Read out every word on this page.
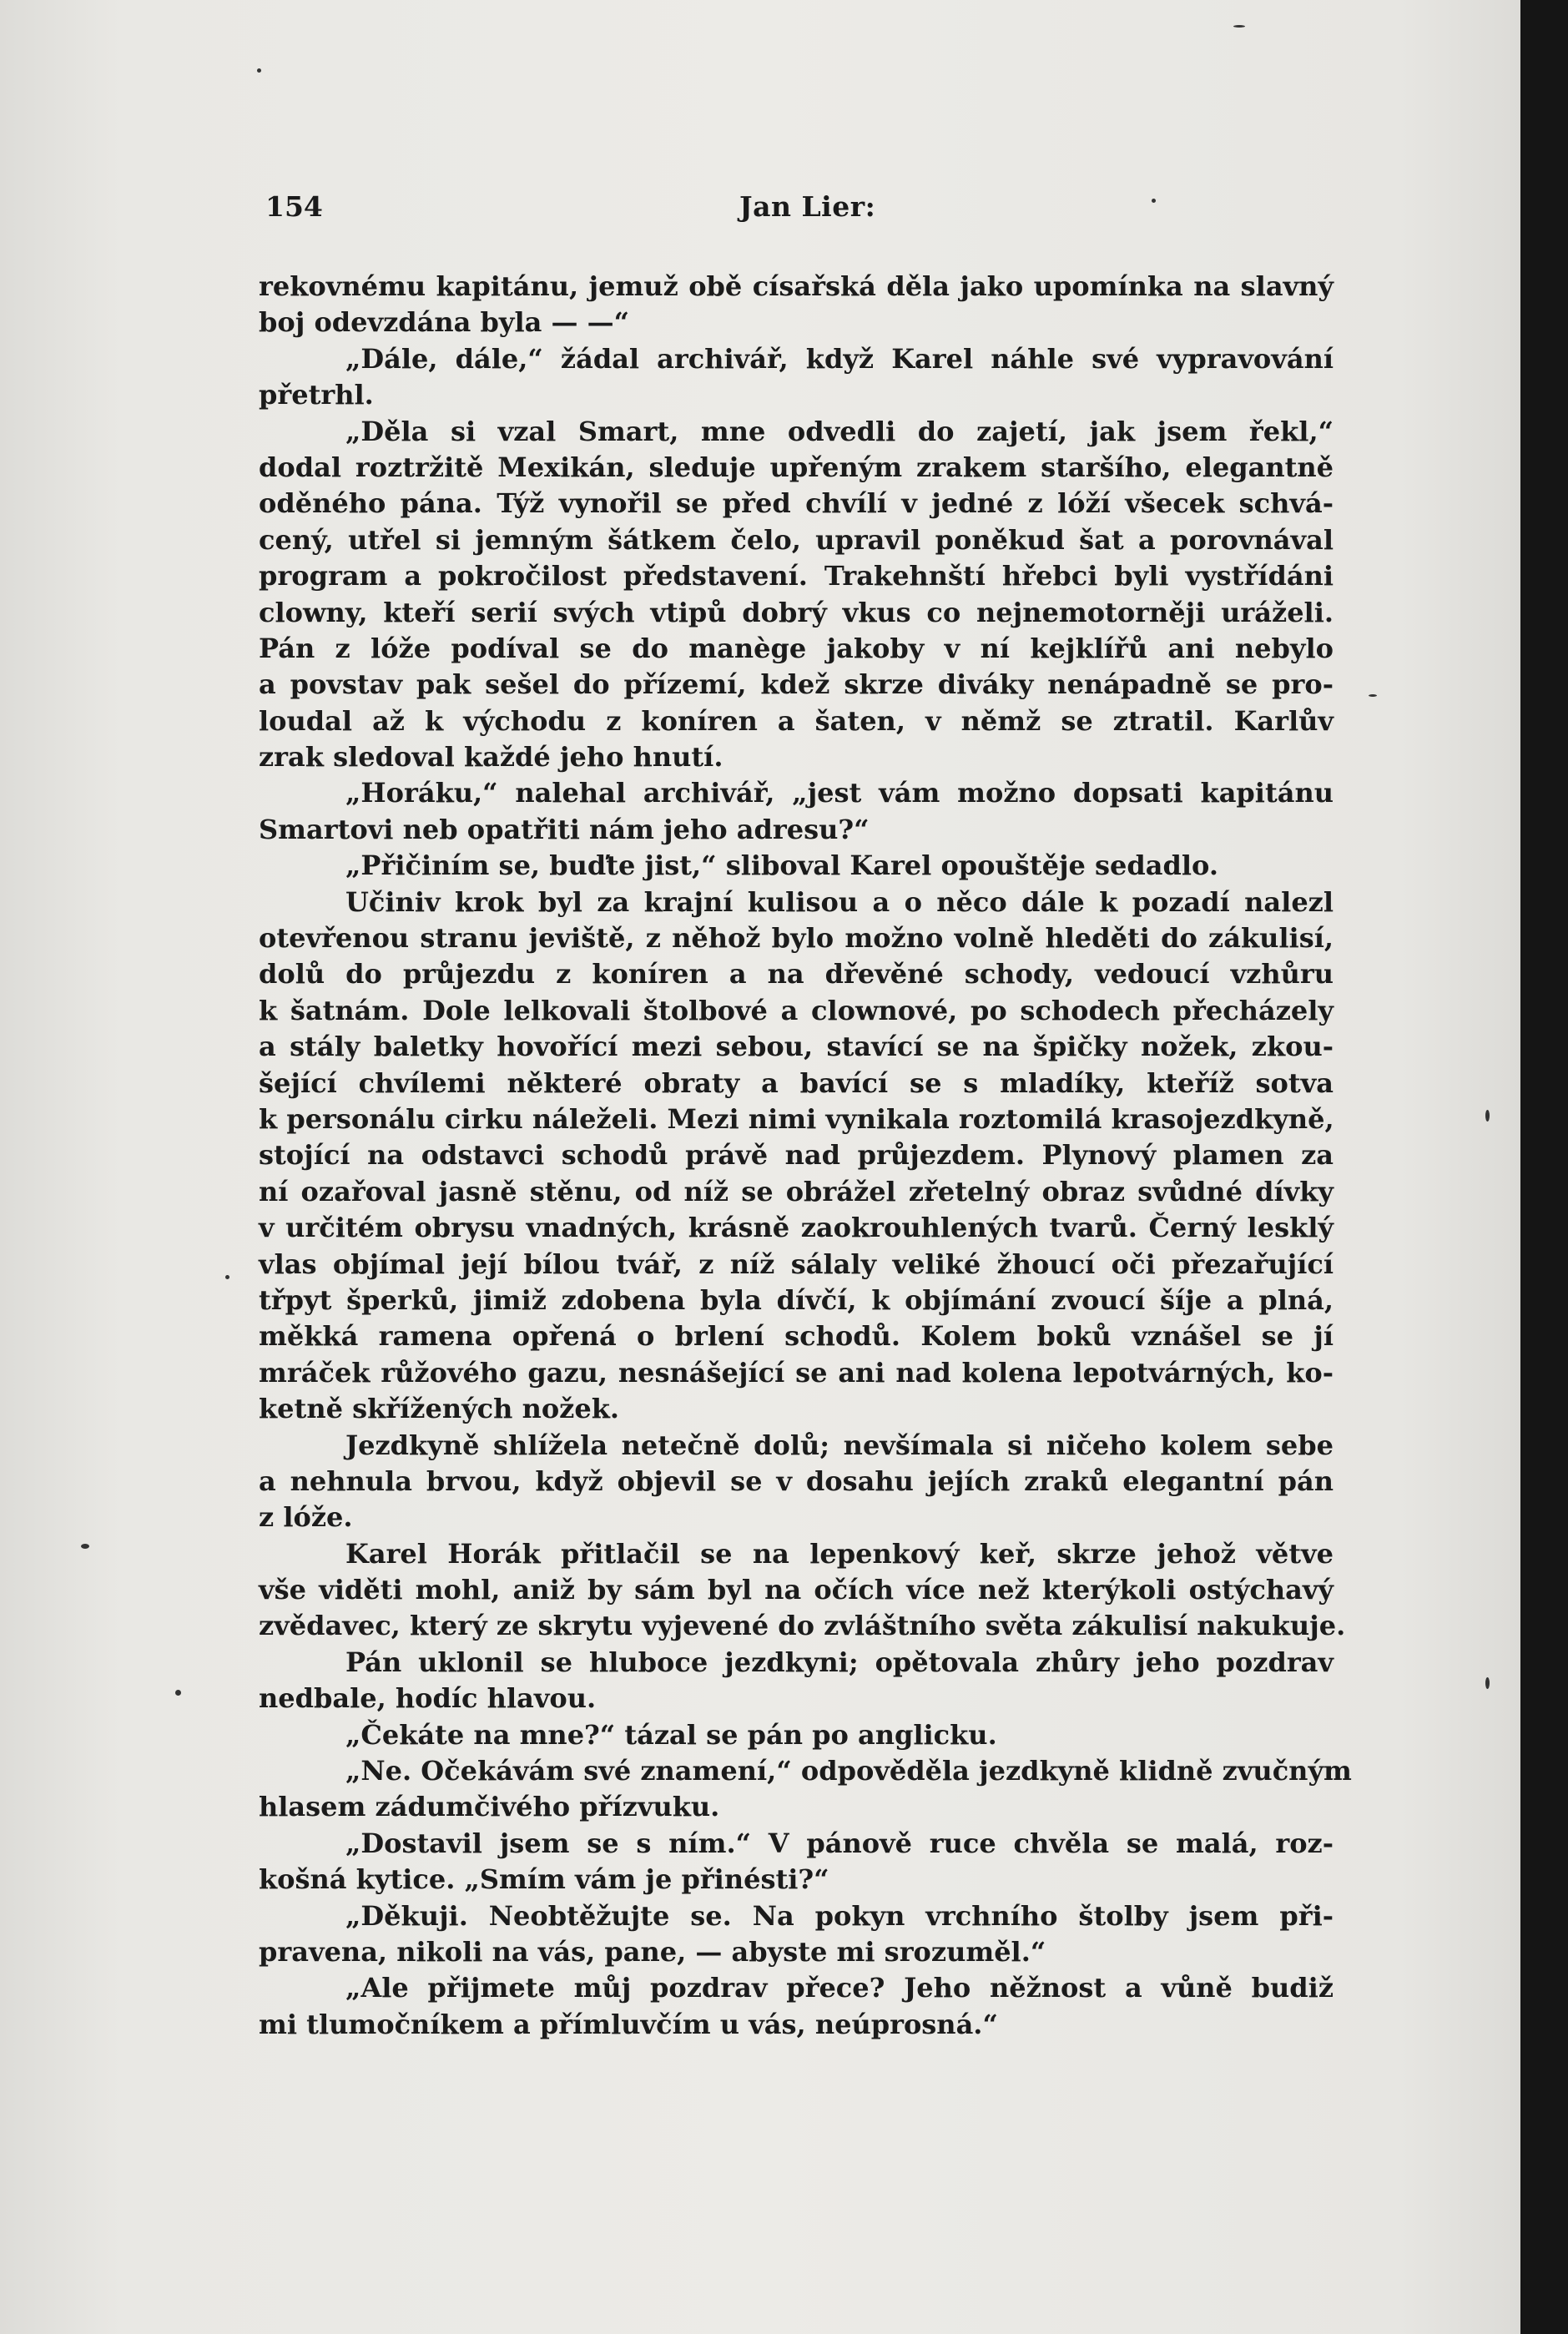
154	Jan Lier:
rekovnému kapitánu, jemuž obě císařská děla jako upomínka na slavný
boj odevzdána byla — —“
„Dále, dále,“ žádal archivář, když Karel náhle své vypravování
přetrhl.
„Děla si vzal Smart, mne odvedli do zajetí, jak jsem řekl,“
dodal roztržitě Mexikán, sleduje upřeným zrakem staršího, elegantně
oděného pána. Týž vynořil se před chvílí v jedné z lóží všecek schvá-
cený, utřel si jemným šátkem čelo, upravil poněkud šat a porovnával
program a pokročilost představení. Trakehnští hřebci byli vystřídáni
clowny, kteří serií svých vtipů dobrý vkus co nejnemotorněji uráželi.
Pán z lóže podíval se do manège jakoby v ní kejklířů ani nebylo
a povstav pak sešel do přízemí, kdež skrze diváky nenápadně se pro-
loudal až k východu z koníren a šaten, v němž se ztratil. Karlův
zrak sledoval každé jeho hnutí.
„Horáku,“ nalehal archivář, „jest vám možno dopsati kapitánu
Smartovi neb opatřiti nám jeho adresu?“
„Přičiním se, buďte jist,“ sliboval Karel opouštěje sedadlo.
Učiniv krok byl za krajní kulisou a o něco dále k pozadí nalezl
otevřenou stranu jeviště, z něhož bylo možno volně hleděti do zákulisí,
dolů do průjezdu z koníren a na dřevěné schody, vedoucí vzhůru
k šatnám. Dole lelkovali štolbové a clownové, po schodech přecházely
a stály baletky hovořící mezi sebou, stavící se na špičky nožek, zkou-
šející chvílemi některé obraty a bavící se s mladíky, kteříž sotva
k personálu cirku náleželi. Mezi nimi vynikala roztomilá krasojezdkyně,
stojící na odstavci schodů právě nad průjezdem. Plynový plamen za
ní ozařoval jasně stěnu, od níž se obrážel zřetelný obraz svůdné dívky
v určitém obrysu vnadných, krásně zaokrouhlených tvarů. Černý lesklý
vlas objímal její bílou tvář, z níž sálaly veliké žhoucí oči přezařující
třpyt šperků, jimiž zdobena byla dívčí, k objímání zvoucí šíje a plná,
měkká ramena opřená o brlení schodů. Kolem boků vznášel se jí
mráček růžového gazu, nesnášející se ani nad kolena lepotvárných, ko-
ketně skřížených nožek.
Jezdkyně shlížela netečně dolů; nevšímala si ničeho kolem sebe
a nehnula brvou, když objevil se v dosahu jejích zraků elegantní pán
z lóže.
Karel Horák přitlačil se na lepenkový keř, skrze jehož větve
vše viděti mohl, aniž by sám byl na očích více než kterýkoli ostýchavý
zvědavec, který ze skrytu vyjevené do zvláštního světa zákulisí nakukuje.
Pán uklonil se hluboce jezdkyni; opětovala zhůry jeho pozdrav
nedbale, hodíc hlavou.
„Čekáte na mne?“ tázal se pán po anglicku.
„Ne. Očekávám své znamení,“ odpověděla jezdkyně klidně zvučným
hlasem zádumčivého přízvuku.
„Dostavil jsem se s ním.“ V pánově ruce chvěla se malá, roz-
košná kytice. „Smím vám je přinésti?“
„Děkuji. Neobtěžujte se. Na pokyn vrchního štolby jsem při-
pravena, nikoli na vás, pane, — abyste mi srozuměl.“
„Ale přijmete můj pozdrav přece? Jeho něžnost a vůně budiž
mi tlumočníkem a přímluvčím u vás, neúprosná.“
